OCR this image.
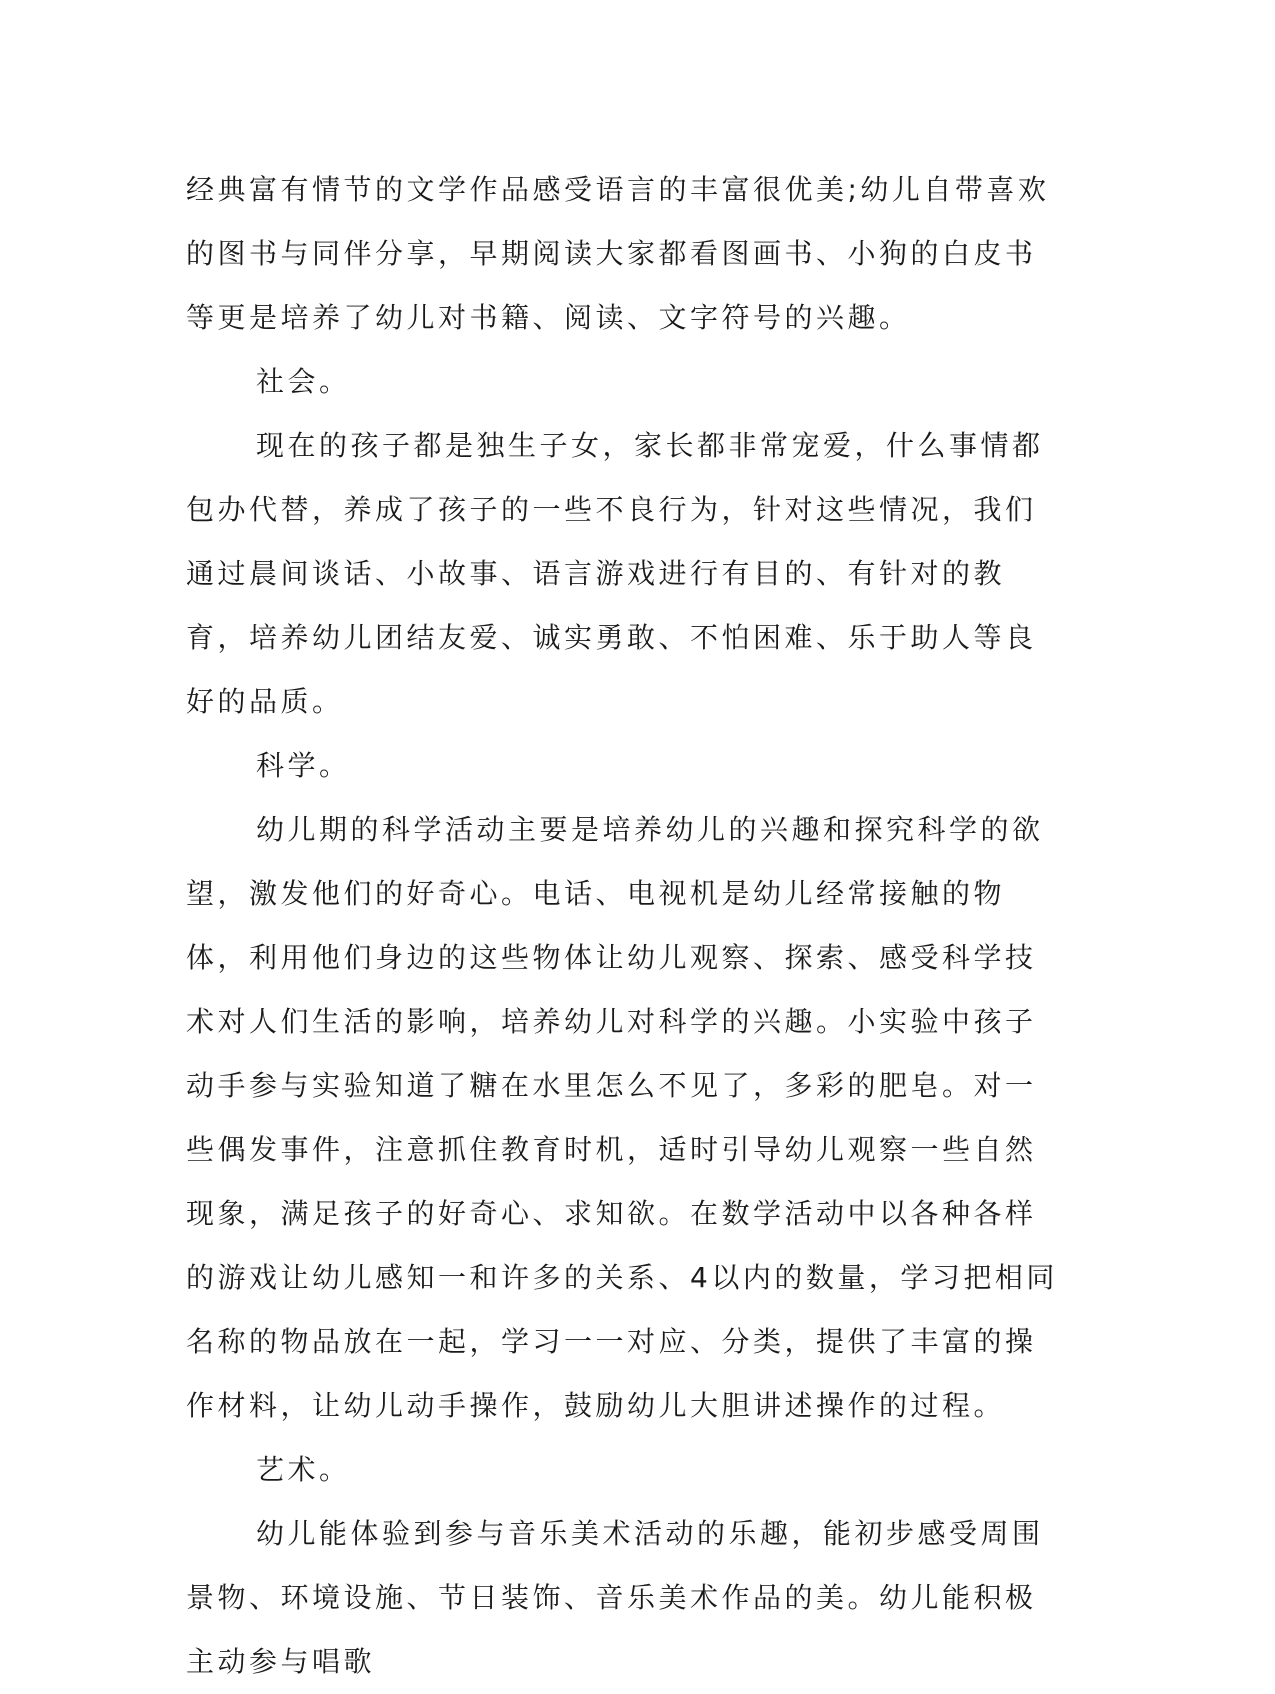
经典富有情节的文学作品感受语言的丰富很优美;幼儿自带喜欢的图书与同伴分享，早期阅读大家都看图画书、小狗的白皮书等更是培养了幼儿对书籍、阅读、文字符号的兴趣。

社会。

现在的孩子都是独生子女，家长都非常宠爱，什么事情都包办代替，养成了孩子的一些不良行为，针对这些情况，我们通过晨间谈话、小故事、语言游戏进行有目的、有针对的教育，培养幼儿团结友爱、诚实勇敢、不怕困难、乐于助人等良好的品质。

科学。

幼儿期的科学活动主要是培养幼儿的兴趣和探究科学的欲望，激发他们的好奇心。电话、电视机是幼儿经常接触的物体，利用他们身边的这些物体让幼儿观察、探索、感受科学技术对人们生活的影响，培养幼儿对科学的兴趣。小实验中孩子动手参与实验知道了糖在水里怎么不见了，多彩的肥皂。对一些偶发事件，注意抓住教育时机，适时引导幼儿观察一些自然现象，满足孩子的好奇心、求知欲。在数学活动中以各种各样的游戏让幼儿感知一和许多的关系、4以内的数量，学习把相同名称的物品放在一起，学习一一对应、分类，提供了丰富的操作材料，让幼儿动手操作，鼓励幼儿大胆讲述操作的过程。

艺术。

幼儿能体验到参与音乐美术活动的乐趣，能初步感受周围景物、环境设施、节日装饰、音乐美术作品的美。幼儿能积极主动参与唱歌
